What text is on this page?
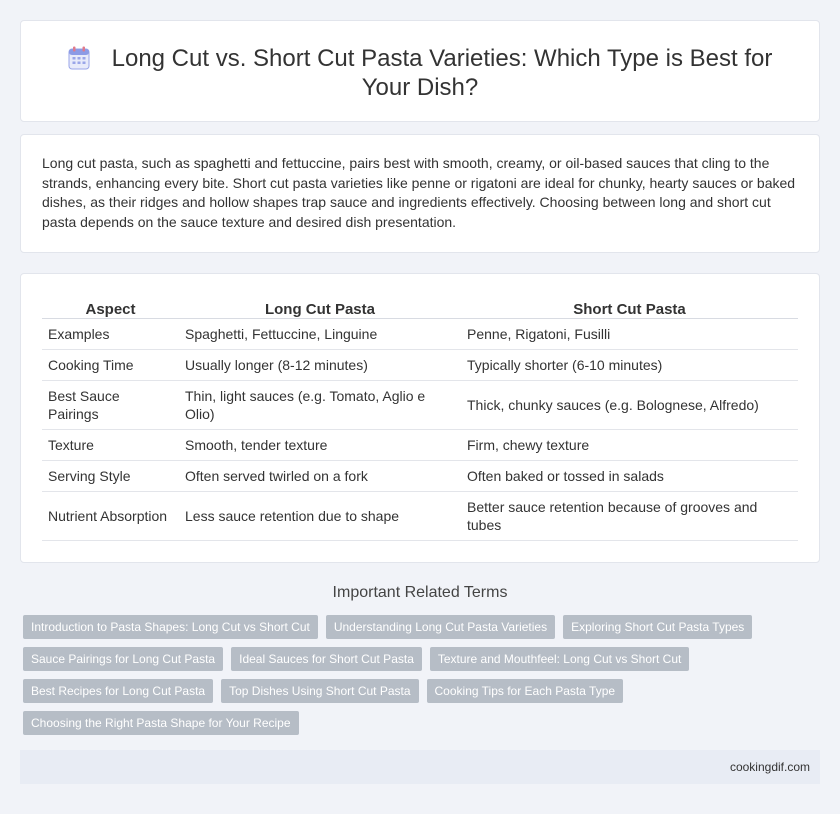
Long Cut vs. Short Cut Pasta Varieties: Which Type is Best for Your Dish?

Long cut pasta, such as spaghetti and fettuccine, pairs best with smooth, creamy, or oil-based sauces that cling to the strands, enhancing every bite. Short cut pasta varieties like penne or rigatoni are ideal for chunky, hearty sauces or baked dishes, as their ridges and hollow shapes trap sauce and ingredients effectively. Choosing between long and short cut pasta depends on the sauce texture and desired dish presentation.

Aspect	Long Cut Pasta	Short Cut Pasta
Examples	Spaghetti, Fettuccine, Linguine	Penne, Rigatoni, Fusilli
Cooking Time	Usually longer (8-12 minutes)	Typically shorter (6-10 minutes)
Best Sauce Pairings	Thin, light sauces (e.g. Tomato, Aglio e Olio)	Thick, chunky sauces (e.g. Bolognese, Alfredo)
Texture	Smooth, tender texture	Firm, chewy texture
Serving Style	Often served twirled on a fork	Often baked or tossed in salads
Nutrient Absorption	Less sauce retention due to shape	Better sauce retention because of grooves and tubes
Important Related Terms
Introduction to Pasta Shapes: Long Cut vs Short Cut	Understanding Long Cut Pasta Varieties	Exploring Short Cut Pasta Types
Sauce Pairings for Long Cut Pasta	Ideal Sauces for Short Cut Pasta	Texture and Mouthfeel: Long Cut vs Short Cut
Best Recipes for Long Cut Pasta	Top Dishes Using Short Cut Pasta	Cooking Tips for Each Pasta Type
Choosing the Right Pasta Shape for Your Recipe
cookingdif.com
